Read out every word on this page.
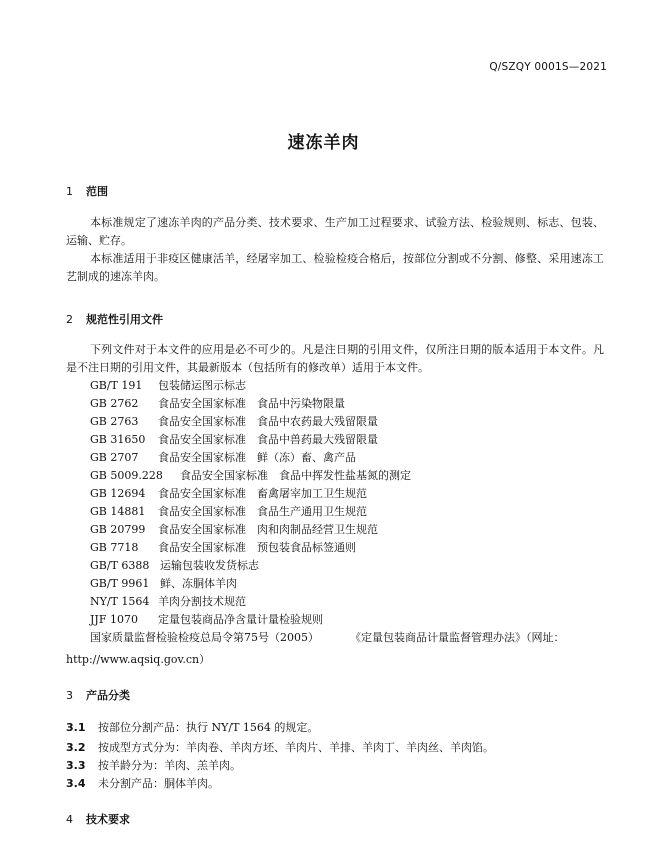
Q/SZQY 0001S—2021
速冻羊肉
1 范围

本标准规定了速冻羊肉的产品分类、技术要求、生产加工过程要求、试验方法、检验规则、标志、包装、运输、贮存。

本标准适用于非疫区健康活羊，经屠宰加工、检验检疫合格后，按部位分割或不分割、修整、采用速冻工艺制成的速冻羊肉。

2 规范性引用文件

下列文件对于本文件的应用是必不可少的。凡是注日期的引用文件，仅所注日期的版本适用于本文件。凡是不注日期的引用文件，其最新版本（包括所有的修改单）适用于本文件。

GB/T 191 包装储运图示标志
GB 2762 食品安全国家标准　食品中污染物限量
GB 2763 食品安全国家标准　食品中农药最大残留限量
GB 31650 食品安全国家标准　食品中兽药最大残留限量
GB 2707 食品安全国家标准　鲜（冻）畜、禽产品
GB 5009.228 食品安全国家标准　食品中挥发性盐基氮的测定
GB 12694 食品安全国家标准　畜禽屠宰加工卫生规范
GB 14881 食品安全国家标准　食品生产通用卫生规范
GB 20799 食品安全国家标准　肉和肉制品经营卫生规范
GB 7718 食品安全国家标准　预包装食品标签通则
GB/T 6388 运输包装收发货标志
GB/T 9961 鲜、冻胴体羊肉
NY/T 1564 羊肉分割技术规范
JJF 1070 定量包装商品净含量计量检验规则
国家质量监督检验检疫总局令第75号（2005）	《定量包装商品计量监督管理办法》（网址：
http://www.aqsiq.gov.cn）
3 产品分类
3.1 按部位分割产品：执行 NY/T 1564 的规定。
3.2 按成型方式分为：羊肉卷、羊肉方坯、羊肉片、羊排、羊肉丁、羊肉丝、羊肉馅。
3.3 按羊龄分为：羊肉、羔羊肉。
3.4 未分割产品：胴体羊肉。
4 技术要求
